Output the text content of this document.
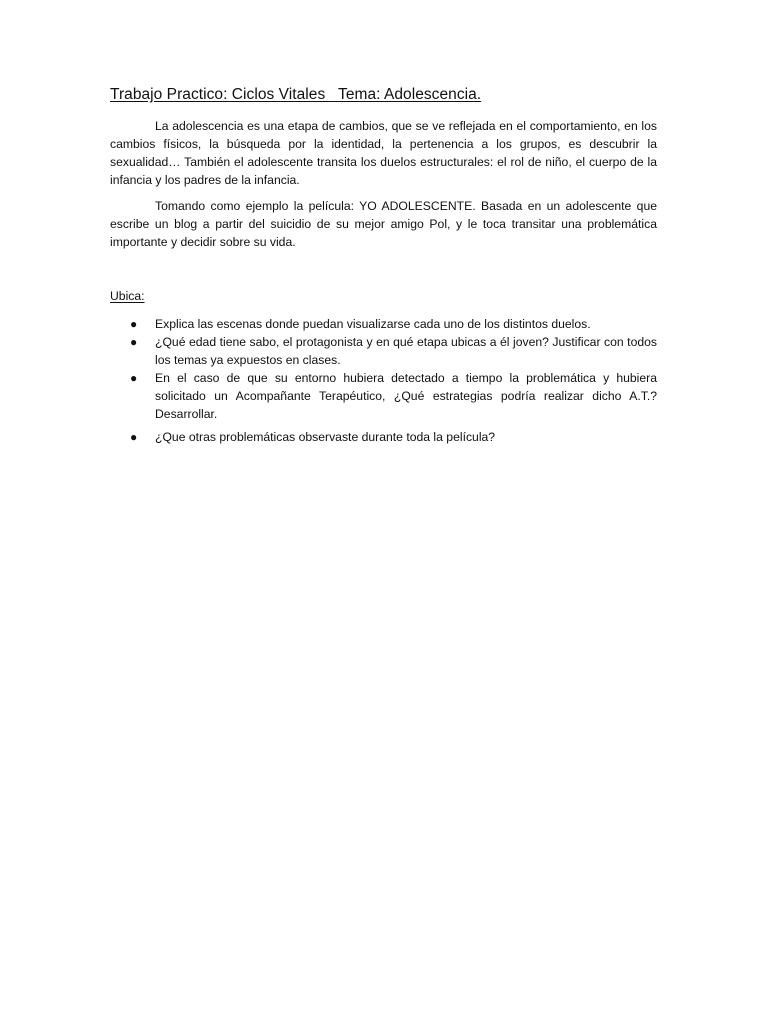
Trabajo Practico: Ciclos Vitales   Tema: Adolescencia.

La adolescencia es una etapa de cambios, que se ve reflejada en el comportamiento, en los cambios físicos, la búsqueda por la identidad, la pertenencia a los grupos, es descubrir la sexualidad… También el adolescente transita los duelos estructurales: el rol de niño, el cuerpo de la infancia y los padres de la infancia.

Tomando como ejemplo la película: YO ADOLESCENTE. Basada en un adolescente que escribe un blog a partir del suicidio de su mejor amigo Pol, y le toca transitar una problemática importante y decidir sobre su vida.

Ubica:
● Explica las escenas donde puedan visualizarse cada uno de los distintos duelos.
● ¿Qué edad tiene sabo, el protagonista y en qué etapa ubicas a él joven? Justificar con todos los temas ya expuestos en clases.
● En el caso de que su entorno hubiera detectado a tiempo la problemática y hubiera solicitado un Acompañante Terapéutico, ¿Qué estrategias podría realizar dicho A.T.? Desarrollar.
● ¿Que otras problemáticas observaste durante toda la película?
